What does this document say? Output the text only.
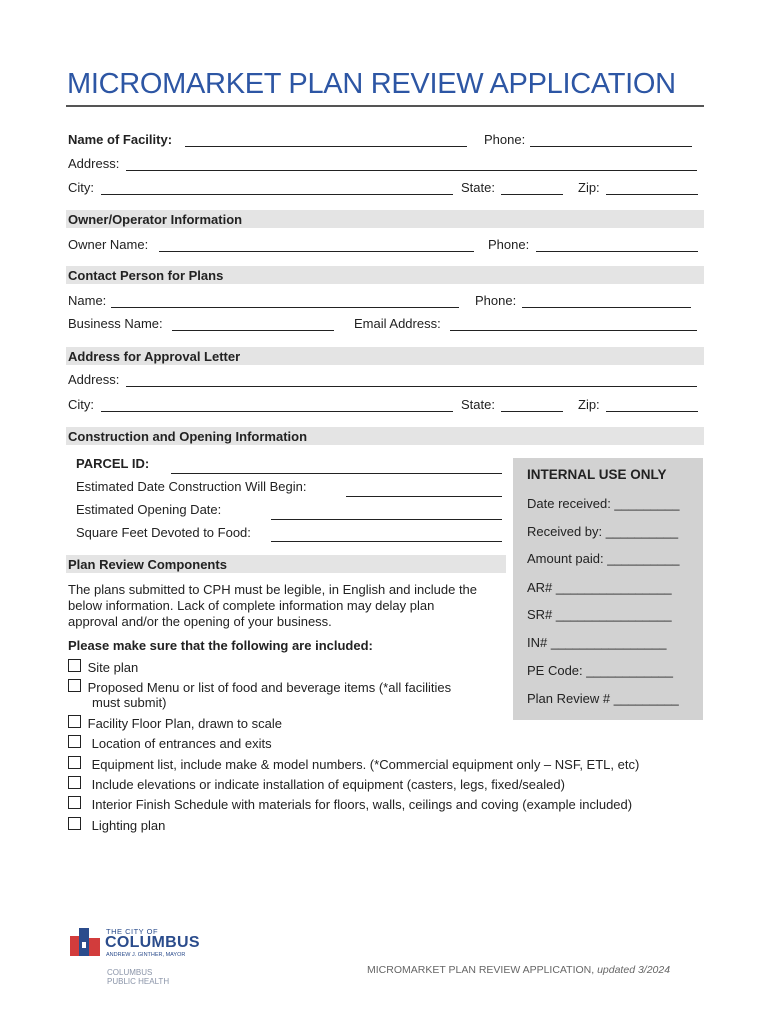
MICROMARKET PLAN REVIEW APPLICATION
Name of Facility:	Phone:
Address:
City:	State:	Zip:
Owner/Operator Information
Owner Name:	Phone:
Contact Person for Plans
Name:	Phone:
Business Name:	Email Address:
Address for Approval Letter
Address:
City:	State:	Zip:
Construction and Opening Information
PARCEL ID:
Estimated Date Construction Will Begin:
Estimated Opening Date:
Square Feet Devoted to Food:
INTERNAL USE ONLY
Date received: _________
Received by: __________
Amount paid: __________
AR# ________________
SR# ________________
IN# ________________
PE Code: ____________
Plan Review # _________
Plan Review Components
The plans submitted to CPH must be legible, in English and include the
below information. Lack of complete information may delay plan
approval and/or the opening of your business.
Please make sure that the following are included:
Site plan
Proposed Menu or list of food and beverage items (*all facilities
must submit)
Facility Floor Plan, drawn to scale
Location of entrances and exits
Equipment list, include make & model numbers. (*Commercial equipment only – NSF, ETL, etc)
Include elevations or indicate installation of equipment (casters, legs, fixed/sealed)
Interior Finish Schedule with materials for floors, walls, ceilings and coving (example included)
Lighting plan
THE CITY OF
COLUMBUS
ANDREW J. GINTHER, MAYOR
COLUMBUS
PUBLIC HEALTH
MICROMARKET PLAN REVIEW APPLICATION, updated 3/2024
